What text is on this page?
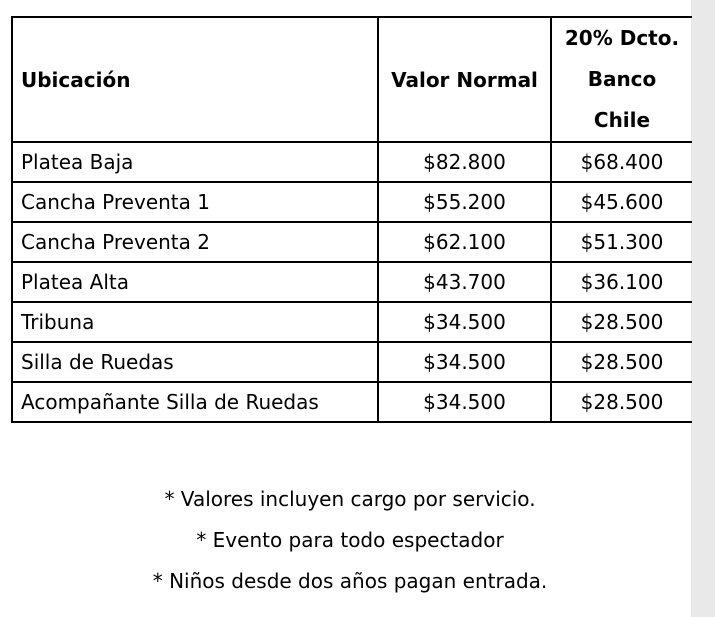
Ubicación	Valor Normal	20% Dcto.
Banco
Chile

Platea Baja	$82.800	$68.400
Cancha Preventa 1	$55.200	$45.600
Cancha Preventa 2	$62.100	$51.300
Platea Alta	$43.700	$36.100
Tribuna	$34.500	$28.500
Silla de Ruedas	$34.500	$28.500
Acompañante Silla de Ruedas	$34.500	$28.500
* Valores incluyen cargo por servicio.
* Evento para todo espectador
* Niños desde dos años pagan entrada.
